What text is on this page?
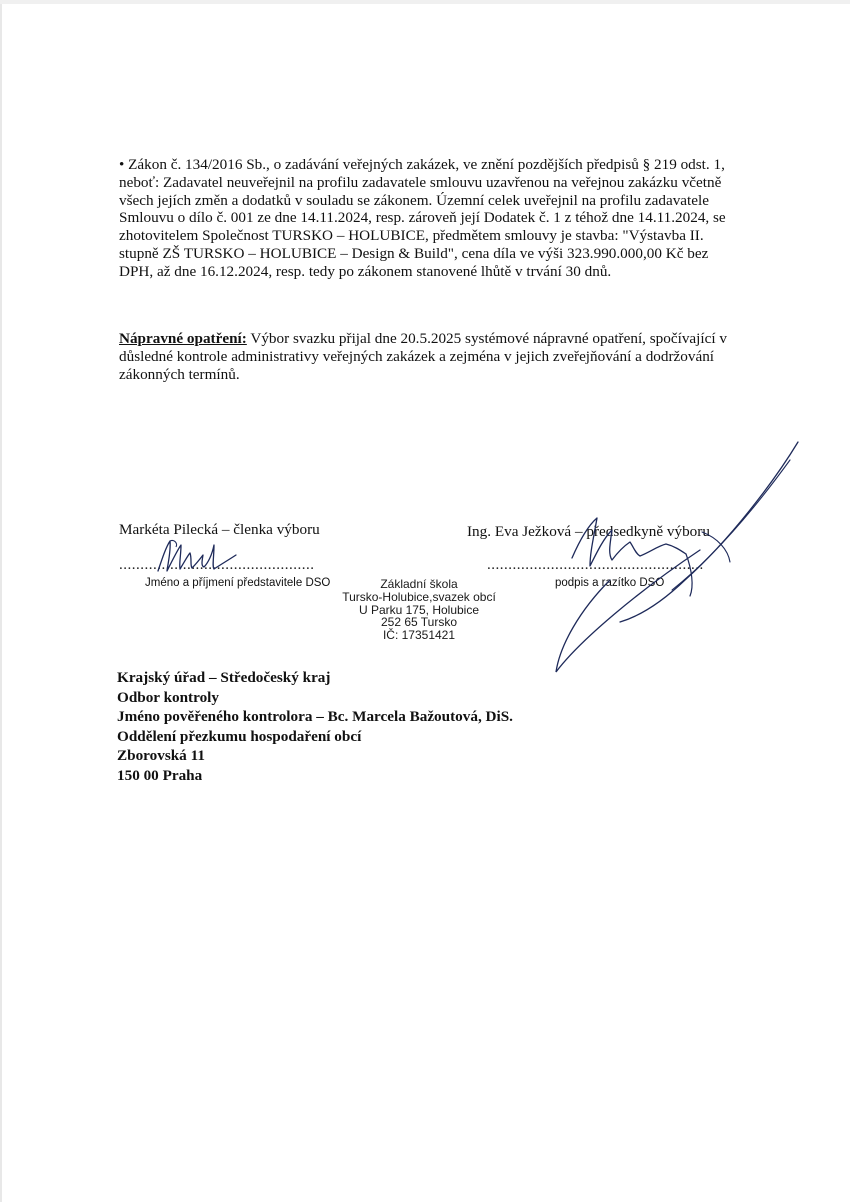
• Zákon č. 134/2016 Sb., o zadávání veřejných zakázek, ve znění pozdějších předpisů § 219 odst. 1, neboť: Zadavatel neuveřejnil na profilu zadavatele smlouvu uzavřenou na veřejnou zakázku včetně všech jejích změn a dodatků v souladu se zákonem. Územní celek uveřejnil na profilu zadavatele Smlouvu o dílo č. 001 ze dne 14.11.2024, resp. zároveň její Dodatek č. 1 z téhož dne 14.11.2024, se zhotovitelem Společnost TURSKO – HOLUBICE, předmětem smlouvy je stavba: "Výstavba II. stupně ZŠ TURSKO – HOLUBICE – Design & Build", cena díla ve výši 323.990.000,00 Kč bez DPH, až dne 16.12.2024, resp. tedy po zákonem stanovené lhůtě v trvání 30 dnů.

Nápravné opatření: Výbor svazku přijal dne 20.5.2025 systémové nápravné opatření, spočívající v důsledné kontrole administrativy veřejných zakázek a zejména v jejich zveřejňování a dodržování zákonných termínů.

Markéta Pilecká – členka výboru	Ing. Eva Ježková – předsedkyně výboru
..............................................	...................................................
Jméno a příjmení představitele DSO	podpis a razítko DSO
Základní škola
Tursko-Holubice,svazek obcí
U Parku 175, Holubice
252 65 Tursko
IČ: 17351421
Krajský úřad – Středočeský kraj
Odbor kontroly
Jméno pověřeného kontrolora – Bc. Marcela Bažoutová, DiS.
Oddělení přezkumu hospodaření obcí
Zborovská 11
150 00 Praha
